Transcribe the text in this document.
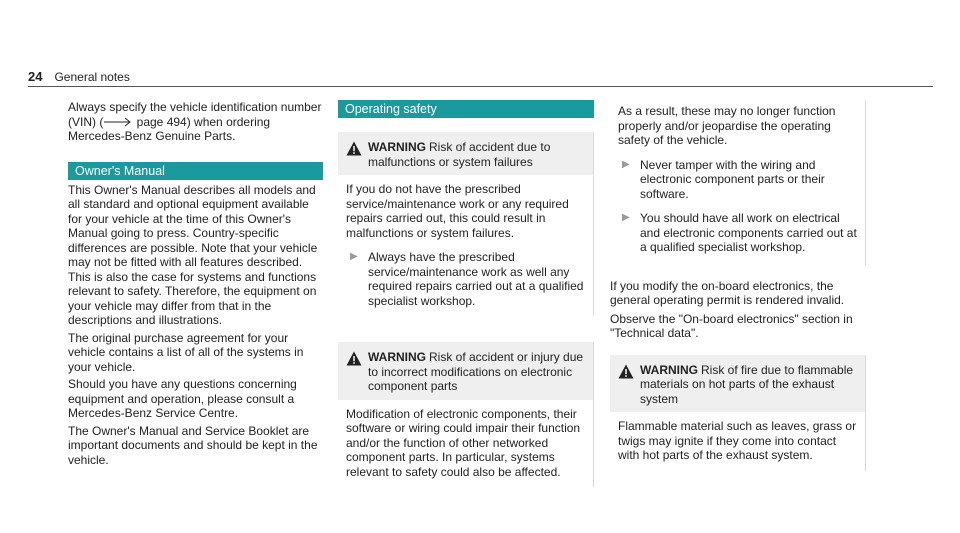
24 General notes

Always specify the vehicle identification number (VIN) (	page 494) when ordering Mercedes-Benz Genuine Parts.

Owner's Manual

This Owner's Manual describes all models and all standard and optional equipment available for your vehicle at the time of this Owner's Manual going to press. Country-specific differences are possible. Note that your vehicle may not be fitted with all features described. This is also the case for systems and functions relevant to safety. Therefore, the equipment on your vehicle may differ from that in the descriptions and illustrations.

The original purchase agreement for your vehicle contains a list of all of the systems in your vehicle.

Should you have any questions concerning equipment and operation, please consult a Mercedes-Benz Service Centre.

The Owner's Manual and Service Booklet are important documents and should be kept in the vehicle.

Operating safety
WARNING Risk of accident due to malfunctions or system failures

If you do not have the prescribed service/maintenance work or any required repairs carried out, this could result in malfunctions or system failures.

▶ Always have the prescribed service/maintenance work as well any required repairs carried out at a qualified specialist workshop.
WARNING Risk of accident or injury due to incorrect modifications on electronic component parts

Modification of electronic components, their software or wiring could impair their function and/or the function of other networked component parts. In particular, systems relevant to safety could also be affected.

As a result, these may no longer function properly and/or jeopardise the operating safety of the vehicle.

▶ Never tamper with the wiring and electronic component parts or their software.
▶ You should have all work on electrical and electronic components carried out at a qualified specialist workshop.

If you modify the on-board electronics, the general operating permit is rendered invalid.

Observe the "On-board electronics" section in "Technical data".

WARNING Risk of fire due to flammable materials on hot parts of the exhaust system

Flammable material such as leaves, grass or twigs may ignite if they come into contact with hot parts of the exhaust system.
